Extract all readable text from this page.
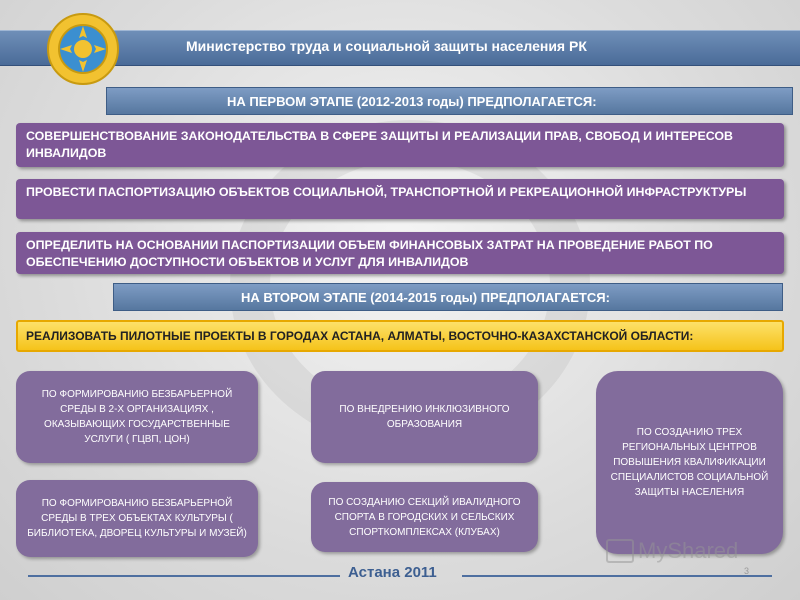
Министерство труда и социальной защиты населения РК
НА ПЕРВОМ ЭТАПЕ (2012-2013 годы) ПРЕДПОЛАГАЕТСЯ:
СОВЕРШЕНСТВОВАНИЕ ЗАКОНОДАТЕЛЬСТВА В СФЕРЕ ЗАЩИТЫ И РЕАЛИЗАЦИИ ПРАВ, СВОБОД И ИНТЕРЕСОВ ИНВАЛИДОВ
ПРОВЕСТИ ПАСПОРТИЗАЦИЮ ОБЪЕКТОВ СОЦИАЛЬНОЙ, ТРАНСПОРТНОЙ И РЕКРЕАЦИОННОЙ ИНФРАСТРУКТУРЫ
ОПРЕДЕЛИТЬ НА ОСНОВАНИИ ПАСПОРТИЗАЦИИ ОБЪЕМ ФИНАНСОВЫХ ЗАТРАТ НА ПРОВЕДЕНИЕ РАБОТ ПО ОБЕСПЕЧЕНИЮ ДОСТУПНОСТИ ОБЪЕКТОВ И УСЛУГ ДЛЯ ИНВАЛИДОВ
НА ВТОРОМ ЭТАПЕ (2014-2015 годы) ПРЕДПОЛАГАЕТСЯ:
РЕАЛИЗОВАТЬ ПИЛОТНЫЕ ПРОЕКТЫ В ГОРОДАХ АСТАНА, АЛМАТЫ, ВОСТОЧНО-КАЗАХСТАНСКОЙ ОБЛАСТИ:
ПО ФОРМИРОВАНИЮ БЕЗБАРЬЕРНОЙ СРЕДЫ В 2-Х ОРГАНИЗАЦИЯХ , ОКАЗЫВАЮЩИХ ГОСУДАРСТВЕННЫЕ УСЛУГИ ( ГЦВП, ЦОН)
ПО ВНЕДРЕНИЮ ИНКЛЮЗИВНОГО ОБРАЗОВАНИЯ
ПО СОЗДАНИЮ ТРЕХ РЕГИОНАЛЬНЫХ ЦЕНТРОВ ПОВЫШЕНИЯ КВАЛИФИКАЦИИ СПЕЦИАЛИСТОВ СОЦИАЛЬНОЙ ЗАЩИТЫ НАСЕЛЕНИЯ
ПО ФОРМИРОВАНИЮ БЕЗБАРЬЕРНОЙ СРЕДЫ В ТРЕХ ОБЪЕКТАХ КУЛЬТУРЫ ( БИБЛИОТЕКА, ДВОРЕЦ КУЛЬТУРЫ И МУЗЕЙ)
ПО СОЗДАНИЮ СЕКЦИЙ ИВАЛИДНОГО СПОРТА В ГОРОДСКИХ И СЕЛЬСКИХ СПОРТКОМПЛЕКСАХ (КЛУБАХ)
Астана 2011	3
MyShared
